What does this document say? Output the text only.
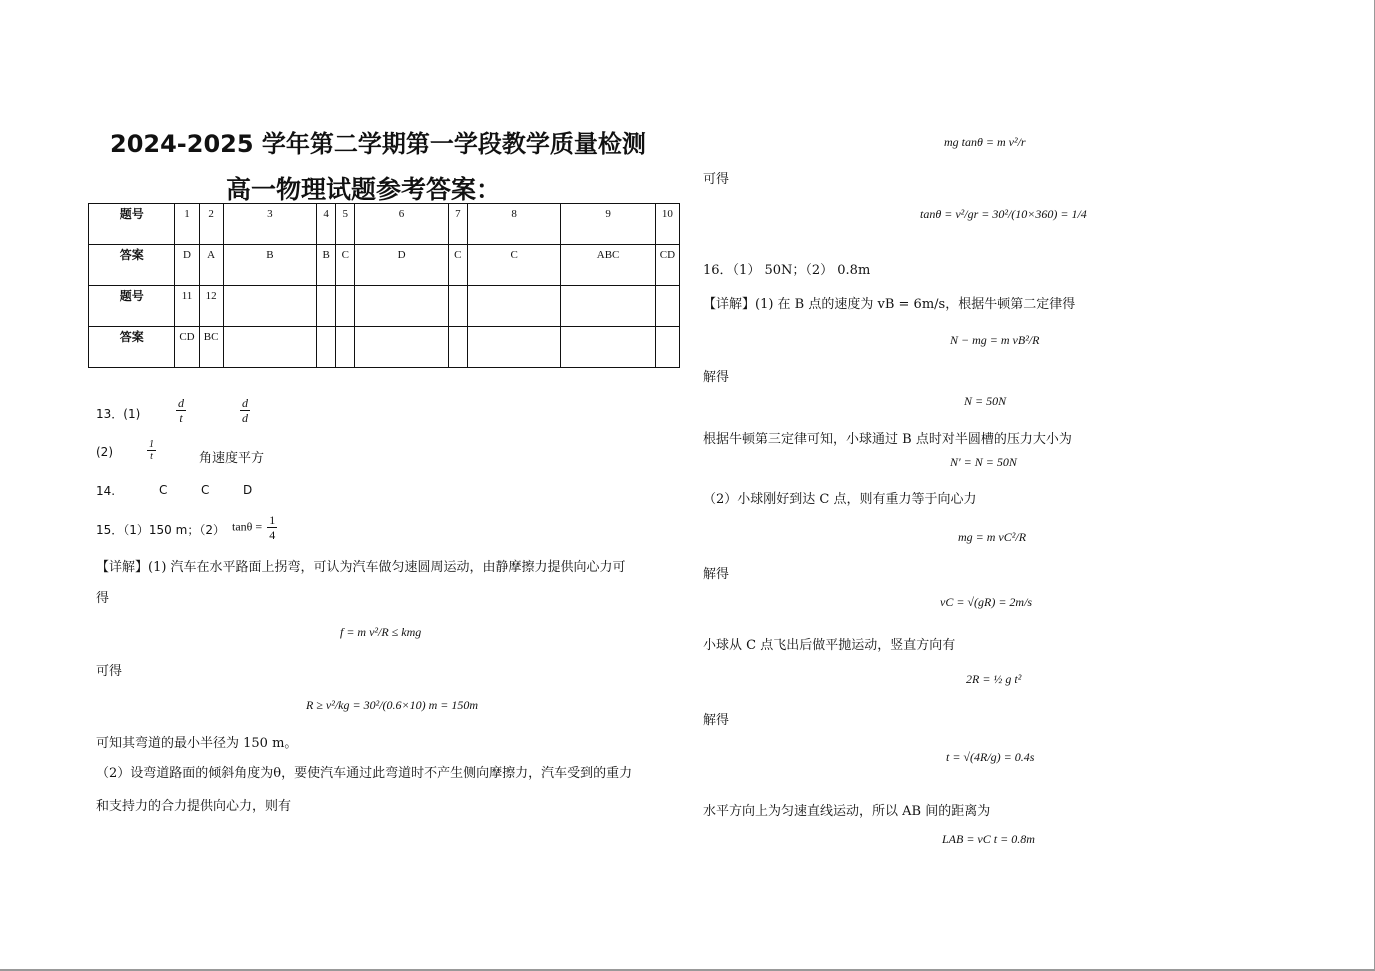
2024-2025 学年第二学期第一学段教学质量检测
高一物理试题参考答案：
题号	1	2	3	4	5	6	7	8	9	10
答案	D	A	B	B	C	D	C	C	ABC	CD
题号	11	12								
答案	CD	BC								
13．(1)	$\frac{d}{t}$	$\frac{d}{d}$
(2)	$\frac{1}{t}$	角速度平方
14.	C	C	D
15．（1）150 m；（2） $\tan\theta = \frac{1}{4}$
【详解】(1) 汽车在水平路面上拐弯，可认为汽车做匀速圆周运动，由静摩擦力提供向心力可
得
f = m v²/R ≤ kmg
可得
R ≥ v²/kg = 30²/(0.6×10) m = 150m
可知其弯道的最小半径为 150 m。
（2）设弯道路面的倾斜角度为θ，要使汽车通过此弯道时不产生侧向摩擦力，汽车受到的重力
和支持力的合力提供向心力，则有
mg tanθ = m v²/r
可得
tanθ = v²/gr = 30²/(10×360) = 1/4
16．（1） 50N；（2） 0.8m
【详解】(1) 在 B 点的速度为 vB = 6m/s，根据牛顿第二定律得
N − mg = m vB²/R
解得
N = 50N
根据牛顿第三定律可知，小球通过 B 点时对半圆槽的压力大小为
N′ = N = 50N
（2）小球刚好到达 C 点，则有重力等于向心力
mg = m vC²/R
解得
vC = √(gR) = 2m/s
小球从 C 点飞出后做平抛运动，竖直方向有
2R = ½ g t²
解得
t = √(4R/g) = 0.4s
水平方向上为匀速直线运动，所以 AB 间的距离为
LAB = vC t = 0.8m
